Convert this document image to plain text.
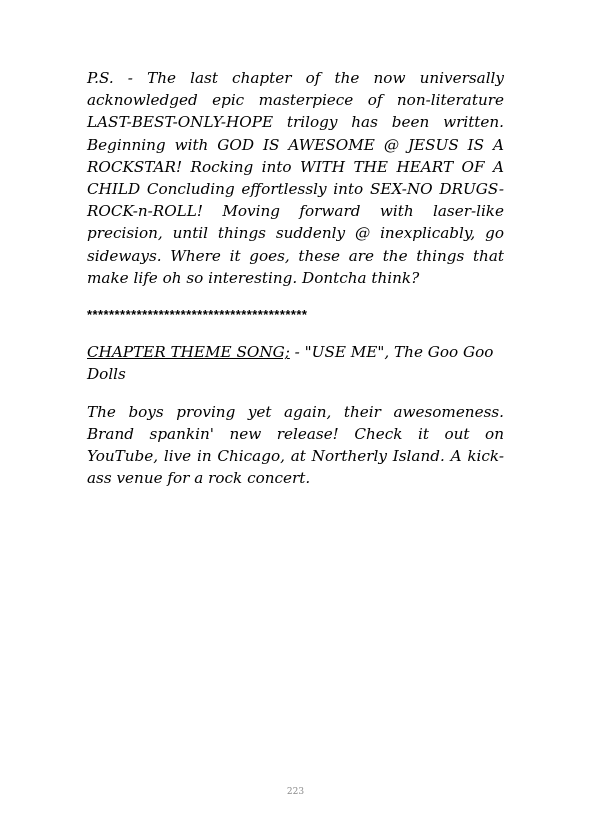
P.S. - The last chapter of the now universally acknowledged epic masterpiece of non-literature LAST-BEST-ONLY-HOPE trilogy has been written. Beginning with GOD IS AWESOME @ JESUS IS A ROCKSTAR! Rocking into WITH THE HEART OF A CHILD Concluding effortlessly into SEX-NO DRUGS-ROCK-n-ROLL! Moving forward with laser-like precision, until things suddenly @ inexplicably, go sideways. Where it goes, these are the things that make life oh so interesting. Dontcha think?

****************************************

CHAPTER THEME SONG; - "USE ME", The Goo Goo Dolls

The boys proving yet again, their awesomeness. Brand spankin' new release! Check it out on YouTube, live in Chicago, at Northerly Island. A kick-ass venue for a rock concert.

223
